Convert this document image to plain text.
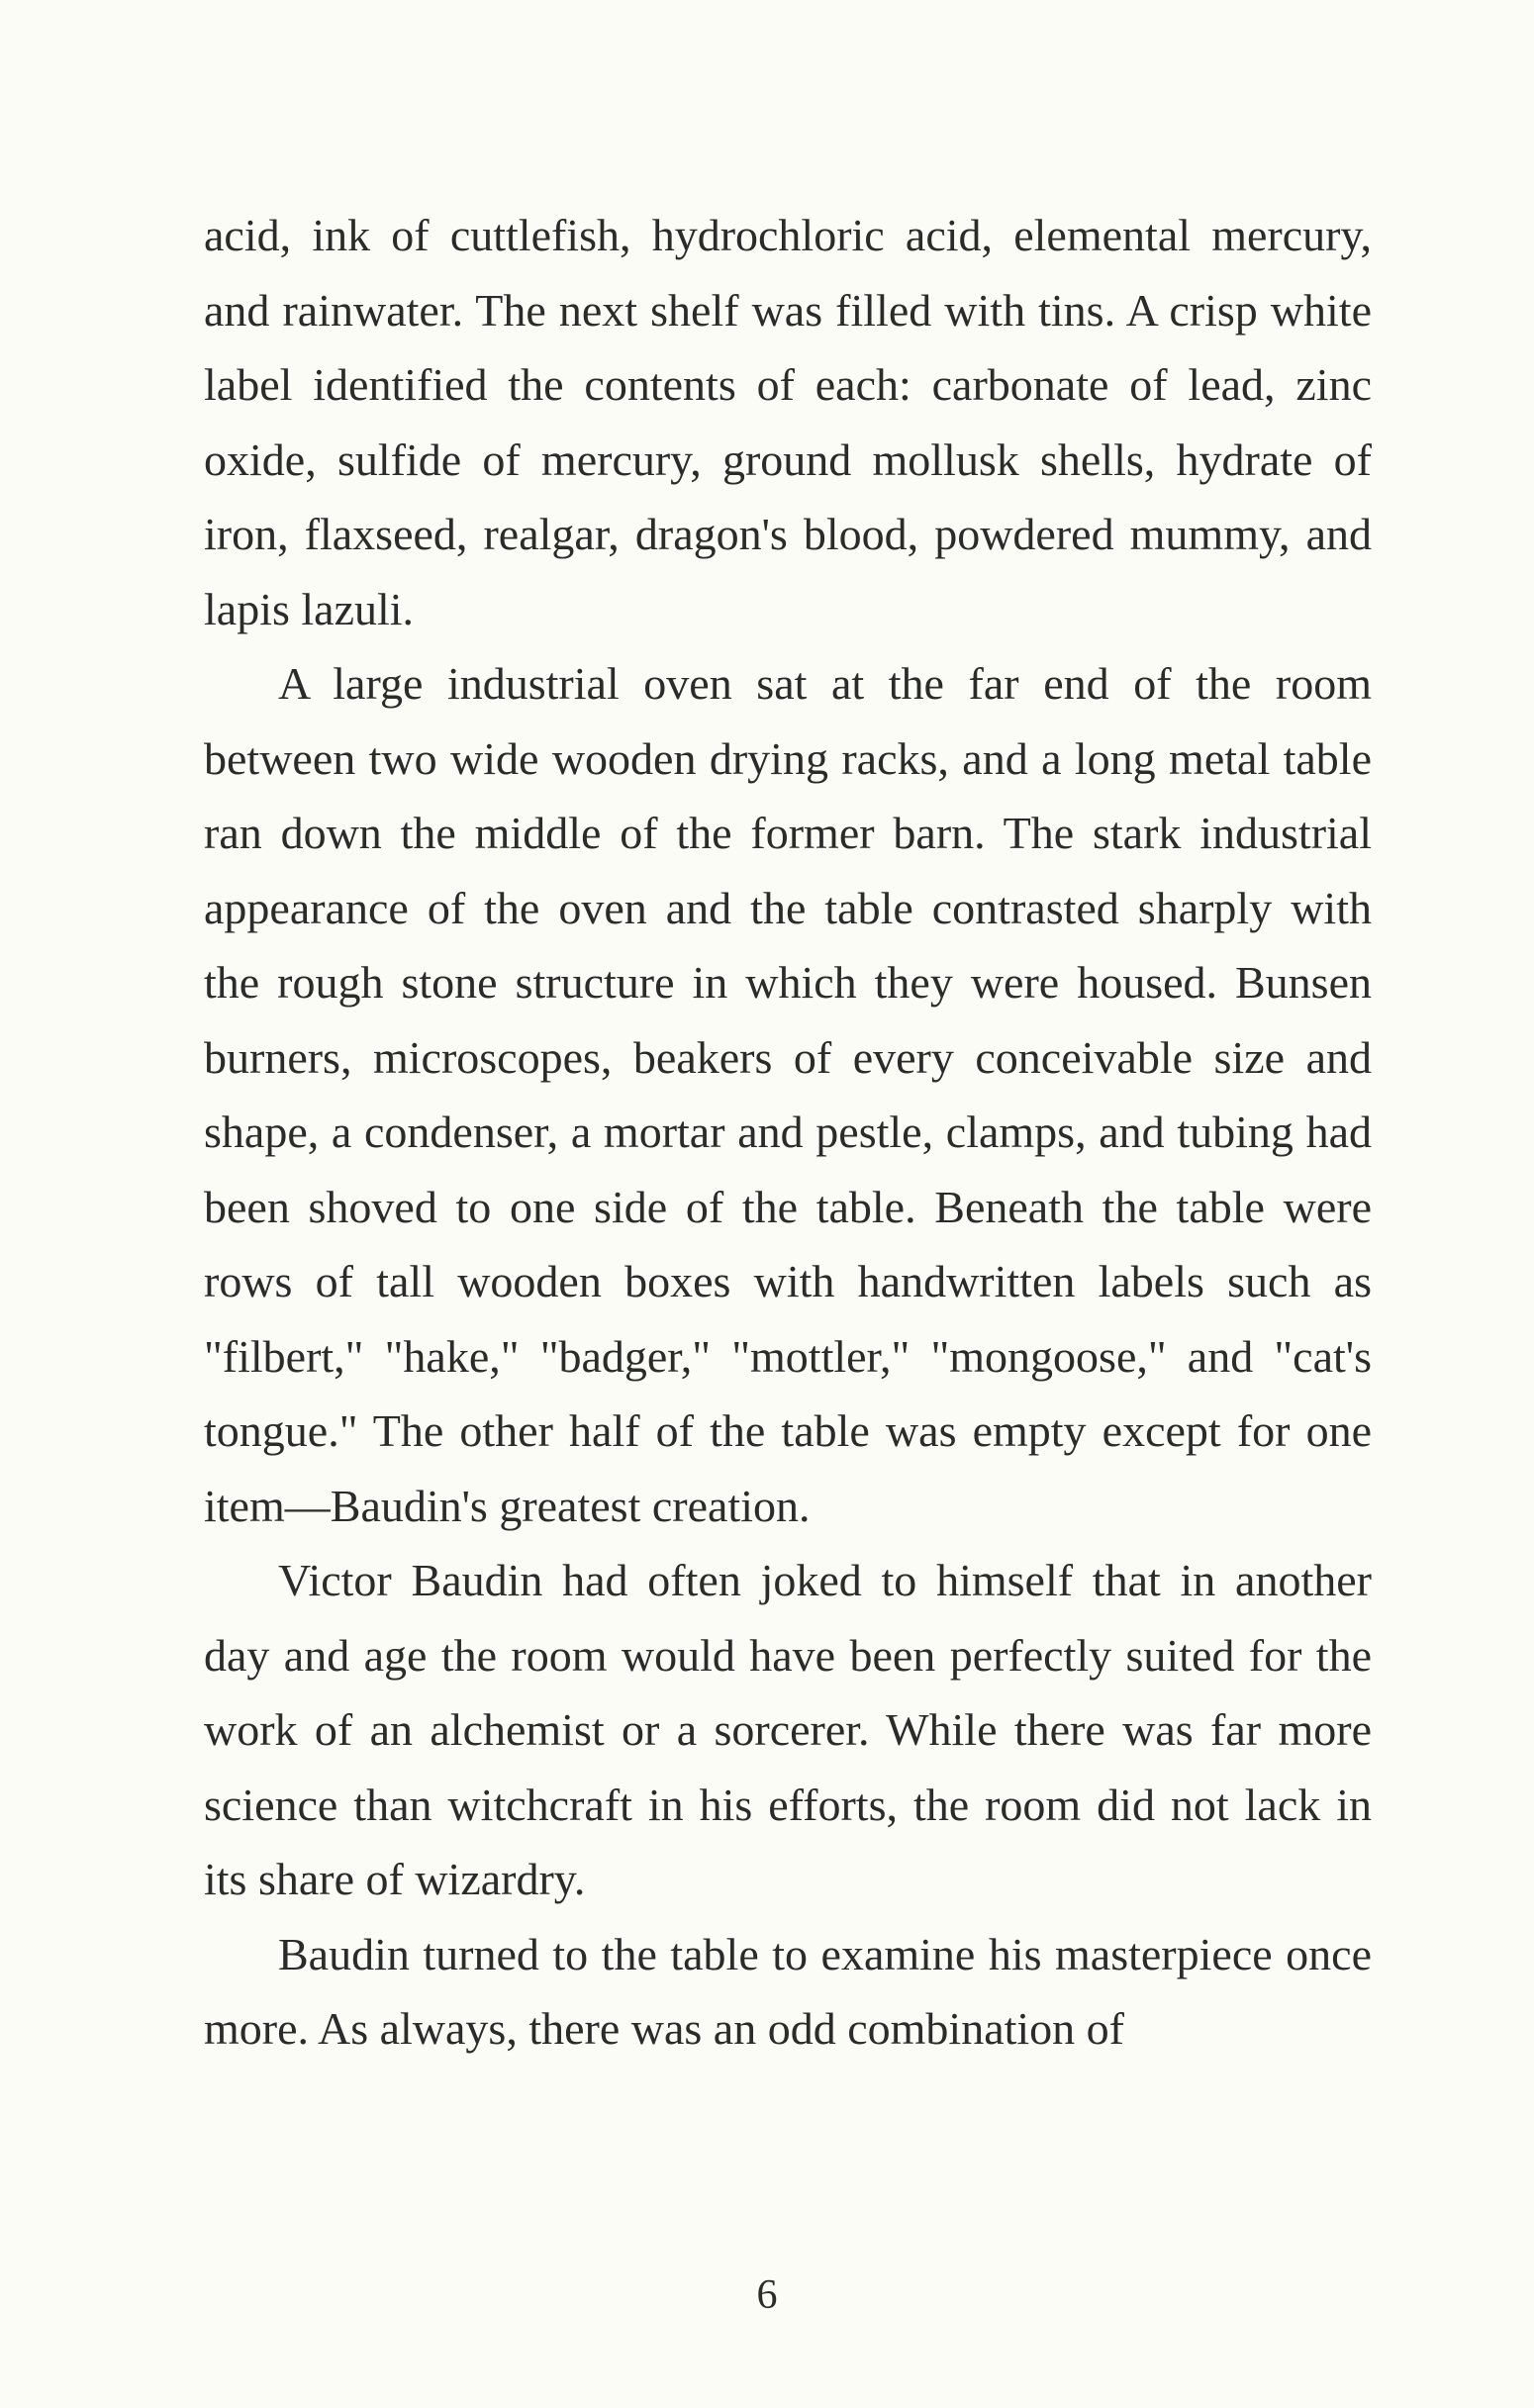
acid, ink of cuttlefish, hydrochloric acid, elemental mercury, and rainwater. The next shelf was filled with tins. A crisp white label identified the contents of each: carbonate of lead, zinc oxide, sulfide of mercury, ground mollusk shells, hydrate of iron, flaxseed, realgar, dragon's blood, powdered mummy, and lapis lazuli.

A large industrial oven sat at the far end of the room between two wide wooden drying racks, and a long metal table ran down the middle of the former barn. The stark industrial appearance of the oven and the table contrasted sharply with the rough stone structure in which they were housed. Bunsen burners, microscopes, beakers of every conceivable size and shape, a condenser, a mortar and pestle, clamps, and tubing had been shoved to one side of the table. Beneath the table were rows of tall wooden boxes with handwritten labels such as "filbert," "hake," "badger," "mottler," "mongoose," and "cat's tongue." The other half of the table was empty except for one item—Baudin's greatest creation.

Victor Baudin had often joked to himself that in another day and age the room would have been perfectly suited for the work of an alchemist or a sorcerer. While there was far more science than witchcraft in his efforts, the room did not lack in its share of wizardry.

Baudin turned to the table to examine his masterpiece once more. As always, there was an odd combination of

6
